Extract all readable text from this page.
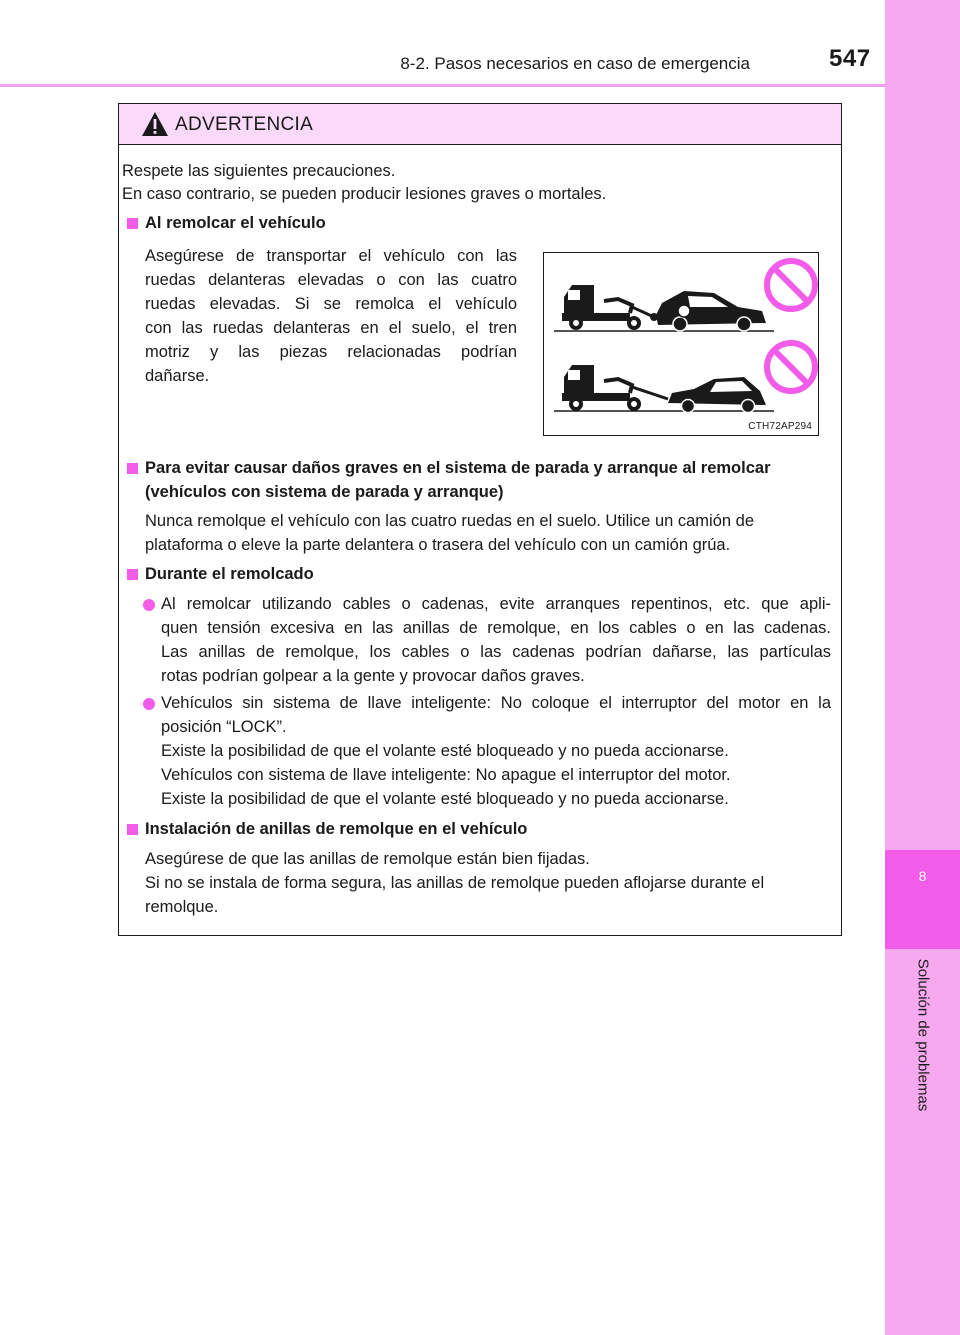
8-2. Pasos necesarios en caso de emergencia	547
8
Solución de problemas
ADVERTENCIA
Respete las siguientes precauciones.
En caso contrario, se pueden producir lesiones graves o mortales.
Al remolcar el vehículo
Asegúrese de transportar el vehículo con las
ruedas delanteras elevadas o con las cuatro
ruedas elevadas. Si se remolca el vehículo
con las ruedas delanteras en el suelo, el tren
motriz y las piezas relacionadas podrían
dañarse.
CTH72AP294
Para evitar causar daños graves en el sistema de parada y arranque al remolcar
(vehículos con sistema de parada y arranque)
Nunca remolque el vehículo con las cuatro ruedas en el suelo. Utilice un camión de
plataforma o eleve la parte delantera o trasera del vehículo con un camión grúa.
Durante el remolcado
Al remolcar utilizando cables o cadenas, evite arranques repentinos, etc. que apli-
quen tensión excesiva en las anillas de remolque, en los cables o en las cadenas.
Las anillas de remolque, los cables o las cadenas podrían dañarse, las partículas
rotas podrían golpear a la gente y provocar daños graves.
Vehículos sin sistema de llave inteligente: No coloque el interruptor del motor en la
posición “LOCK”.
Existe la posibilidad de que el volante esté bloqueado y no pueda accionarse.
Vehículos con sistema de llave inteligente: No apague el interruptor del motor.
Existe la posibilidad de que el volante esté bloqueado y no pueda accionarse.
Instalación de anillas de remolque en el vehículo
Asegúrese de que las anillas de remolque están bien fijadas.
Si no se instala de forma segura, las anillas de remolque pueden aflojarse durante el
remolque.
